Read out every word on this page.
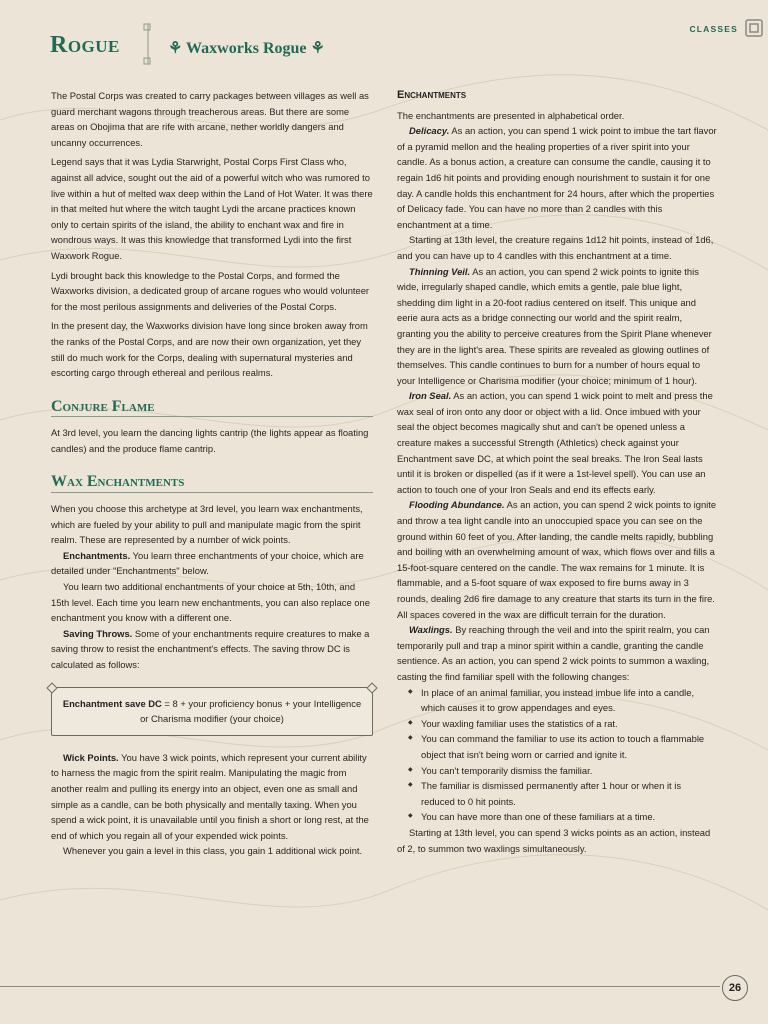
Rogue	⚘ Waxworks Rogue ⚘
CLASSES

The Postal Corps was created to carry packages between villages as well as guard merchant wagons through treacherous areas. But there are some areas on Obojima that are rife with arcane, nether worldly dangers and uncanny occurrences.

Legend says that it was Lydia Starwright, Postal Corps First Class who, against all advice, sought out the aid of a powerful witch who was rumored to live within a hut of melted wax deep within the Land of Hot Water. It was there in that melted hut where the witch taught Lydi the arcane practices known only to certain spirits of the island, the ability to enchant wax and fire in wondrous ways. It was this knowledge that transformed Lydi into the first Waxwork Rogue.

Lydi brought back this knowledge to the Postal Corps, and formed the Waxworks division, a dedicated group of arcane rogues who would volunteer for the most perilous assignments and deliveries of the Postal Corps.

In the present day, the Waxworks division have long since broken away from the ranks of the Postal Corps, and are now their own organization, yet they still do much work for the Corps, dealing with supernatural mysteries and escorting cargo through ethereal and perilous realms.

Conjure Flame

At 3rd level, you learn the dancing lights cantrip (the lights appear as floating candles) and the produce flame cantrip.

Wax Enchantments

When you choose this archetype at 3rd level, you learn wax enchantments, which are fueled by your ability to pull and manipulate magic from the spirit realm. These are represented by a number of wick points.

Enchantments. You learn three enchantments of your choice, which are detailed under "Enchantments" below.

You learn two additional enchantments of your choice at 5th, 10th, and 15th level. Each time you learn new enchantments, you can also replace one enchantment you know with a different one.

Saving Throws. Some of your enchantments require creatures to make a saving throw to resist the enchantment's effects. The saving throw DC is calculated as follows:

Enchantment save DC = 8 + your proficiency bonus + your Intelligence or Charisma modifier (your choice)

Wick Points. You have 3 wick points, which represent your current ability to harness the magic from the spirit realm. Manipulating the magic from another realm and pulling its energy into an object, even one as small and simple as a candle, can be both physically and mentally taxing. When you spend a wick point, it is unavailable until you finish a short or long rest, at the end of which you regain all of your expended wick points.

Whenever you gain a level in this class, you gain 1 additional wick point.

Enchantments

The enchantments are presented in alphabetical order.

Delicacy. As an action, you can spend 1 wick point to imbue the tart flavor of a pyramid mellon and the healing properties of a river spirit into your candle. As a bonus action, a creature can consume the candle, causing it to regain 1d6 hit points and providing enough nourishment to sustain it for one day. A candle holds this enchantment for 24 hours, after which the properties of Delicacy fade. You can have no more than 2 candles with this enchantment at a time.

Starting at 13th level, the creature regains 1d12 hit points, instead of 1d6, and you can have up to 4 candles with this enchantment at a time.

Thinning Veil. As an action, you can spend 2 wick points to ignite this wide, irregularly shaped candle, which emits a gentle, pale blue light, shedding dim light in a 20-foot radius centered on itself. This unique and eerie aura acts as a bridge connecting our world and the spirit realm, granting you the ability to perceive creatures from the Spirit Plane whenever they are in the light's area. These spirits are revealed as glowing outlines of themselves. This candle continues to burn for a number of hours equal to your Intelligence or Charisma modifier (your choice; minimum of 1 hour).

Iron Seal. As an action, you can spend 1 wick point to melt and press the wax seal of iron onto any door or object with a lid. Once imbued with your seal the object becomes magically shut and can't be opened unless a creature makes a successful Strength (Athletics) check against your Enchantment save DC, at which point the seal breaks. The Iron Seal lasts until it is broken or dispelled (as if it were a 1st-level spell). You can use an action to touch one of your Iron Seals and end its effects early.

Flooding Abundance. As an action, you can spend 2 wick points to ignite and throw a tea light candle into an unoccupied space you can see on the ground within 60 feet of you. After landing, the candle melts rapidly, bubbling and boiling with an overwhelming amount of wax, which flows over and fills a 15-foot-square centered on the candle. The wax remains for 1 minute. It is flammable, and a 5-foot square of wax exposed to fire burns away in 3 rounds, dealing 2d6 fire damage to any creature that starts its turn in the fire. All spaces covered in the wax are difficult terrain for the duration.

Waxlings. By reaching through the veil and into the spirit realm, you can temporarily pull and trap a minor spirit within a candle, granting the candle sentience. As an action, you can spend 2 wick points to summon a waxling, casting the find familiar spell with the following changes:

◆ In place of an animal familiar, you instead imbue life into a candle, which causes it to grow appendages and eyes.
◆ Your waxling familiar uses the statistics of a rat.
◆ You can command the familiar to use its action to touch a flammable object that isn't being worn or carried and ignite it.
◆ You can't temporarily dismiss the familiar.
◆ The familiar is dismissed permanently after 1 hour or when it is reduced to 0 hit points.
◆ You can have more than one of these familiars at a time.

Starting at 13th level, you can spend 3 wicks points as an action, instead of 2, to summon two waxlings simultaneously.

26
